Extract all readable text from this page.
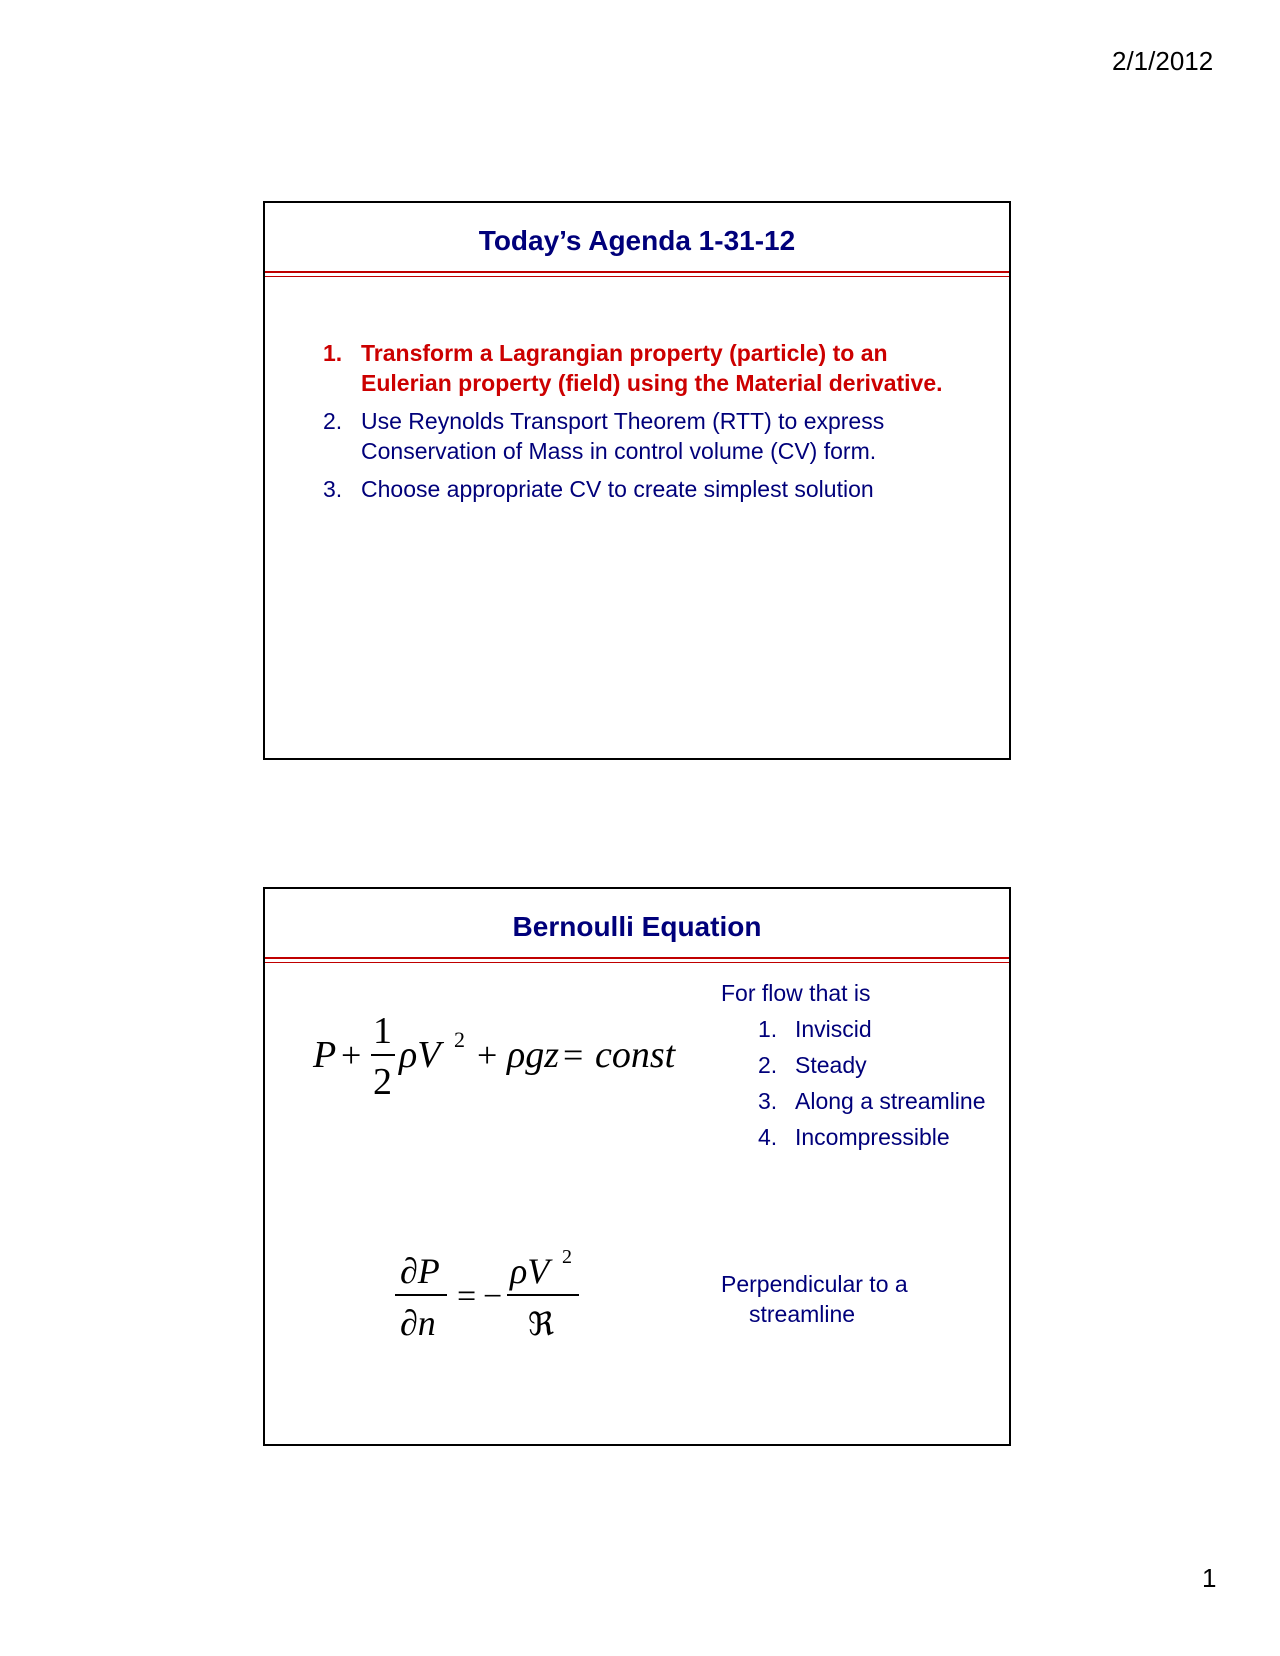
2/1/2012
Today’s Agenda 1-31-12
1. Transform a Lagrangian property (particle) to an Eulerian property (field) using the Material derivative.
2. Use Reynolds Transport Theorem (RTT) to express Conservation of Mass in control volume (CV) form.
3. Choose appropriate CV to create simplest solution
Bernoulli Equation
P +
1
2
ρV 2 + ρgz = const
For flow that is
1. Inviscid
2. Steady
3. Along a streamline
4. Incompressible
∂P
∂n
= −
ρV 2
ℜ
Perpendicular to a
streamline
1
